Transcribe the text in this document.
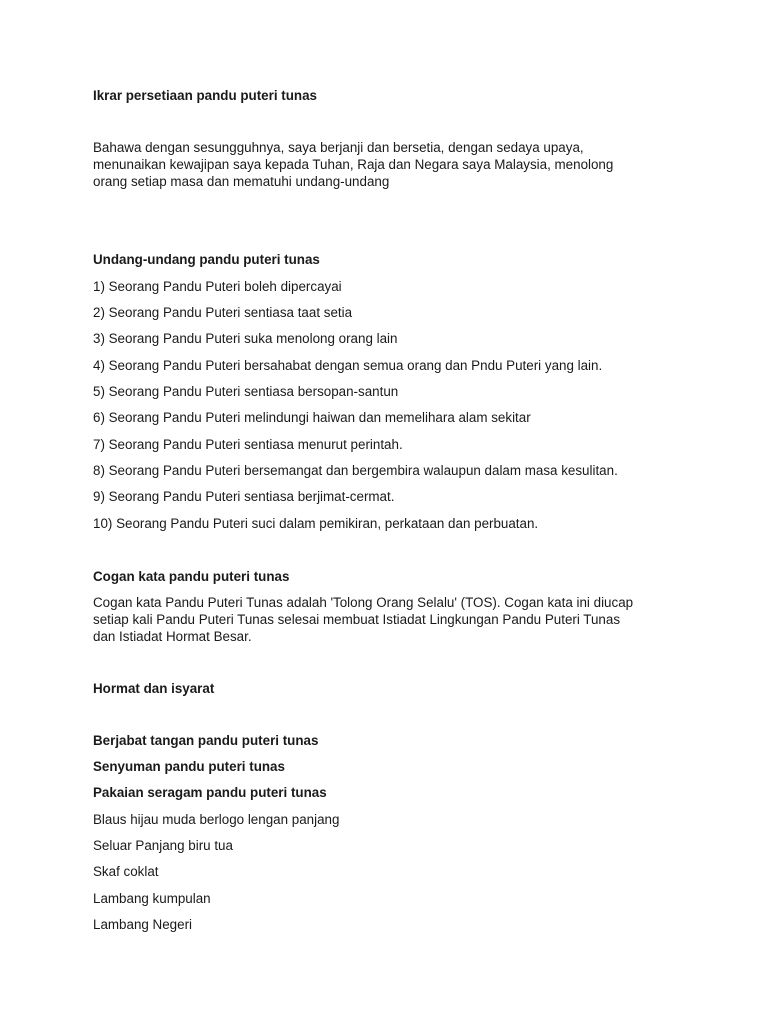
Ikrar persetiaan pandu puteri tunas

Bahawa dengan sesungguhnya, saya berjanji dan bersetia, dengan sedaya upaya,
menunaikan kewajipan saya kepada Tuhan, Raja dan Negara saya Malaysia, menolong
orang setiap masa dan mematuhi undang-undang

Undang-undang pandu puteri tunas

1) Seorang Pandu Puteri boleh dipercayai

2) Seorang Pandu Puteri sentiasa taat setia

3) Seorang Pandu Puteri suka menolong orang lain

4) Seorang Pandu Puteri bersahabat dengan semua orang dan Pndu Puteri yang lain.

5) Seorang Pandu Puteri sentiasa bersopan-santun

6) Seorang Pandu Puteri melindungi haiwan dan memelihara alam sekitar

7) Seorang Pandu Puteri sentiasa menurut perintah.

8) Seorang Pandu Puteri bersemangat dan bergembira walaupun dalam masa kesulitan.

9) Seorang Pandu Puteri sentiasa berjimat-cermat.

10) Seorang Pandu Puteri suci dalam pemikiran, perkataan dan perbuatan.

Cogan kata pandu puteri tunas

Cogan kata Pandu Puteri Tunas adalah 'Tolong Orang Selalu' (TOS). Cogan kata ini diucap
setiap kali Pandu Puteri Tunas selesai membuat Istiadat Lingkungan Pandu Puteri Tunas
dan Istiadat Hormat Besar.

Hormat dan isyarat

Berjabat tangan pandu puteri tunas

Senyuman pandu puteri tunas

Pakaian seragam pandu puteri tunas

Blaus hijau muda berlogo lengan panjang

Seluar Panjang biru tua

Skaf coklat

Lambang kumpulan

Lambang Negeri
